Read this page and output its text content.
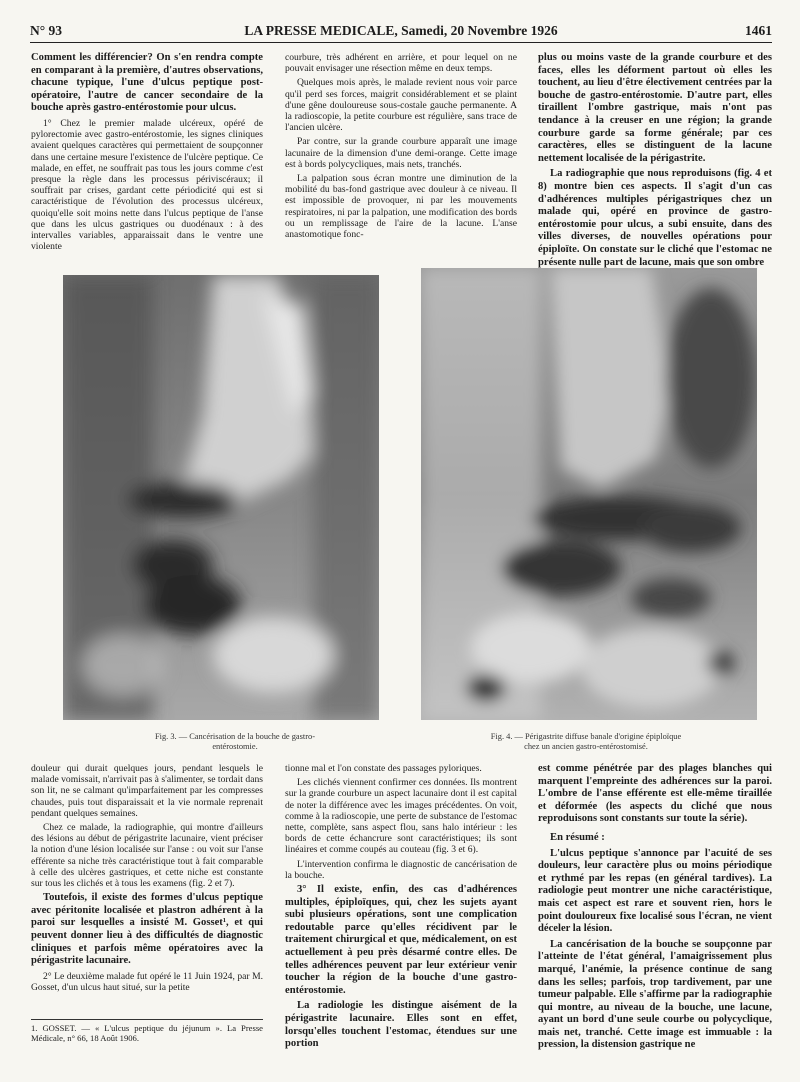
N° 93	LA PRESSE MEDICALE, Samedi, 20 Novembre 1926	1461

Comment les différencier? On s'en rendra compte en comparant à la première, d'autres observations, chacune typique, l'une d'ulcus peptique post-opératoire, l'autre de cancer secondaire de la bouche après gastro-entérostomie pour ulcus.

1° Chez le premier malade ulcéreux, opéré de pylorectomie avec gastro-entérostomie, les signes cliniques avaient quelques caractères qui permettaient de soupçonner dans une certaine mesure l'existence de l'ulcère peptique. Ce malade, en effet, ne souffrait pas tous les jours comme c'est presque la règle dans les processus périviscéraux; il souffrait par crises, gardant cette périodicité qui est si caractéristique de l'évolution des processus ulcéreux, quoiqu'elle soit moins nette dans l'ulcus peptique de l'anse que dans les ulcus gastriques ou duodénaux : à des intervalles variables, apparaissait dans le ventre une violente

courbure, très adhérent en arrière, et pour lequel on ne pouvait envisager une résection même en deux temps.

Quelques mois après, le malade revient nous voir parce qu'il perd ses forces, maigrit considérablement et se plaint d'une gêne douloureuse sous-costale gauche permanente. A la radioscopie, la petite courbure est régulière, sans trace de l'ancien ulcère.

Par contre, sur la grande courbure apparaît une image lacunaire de la dimension d'une demi-orange. Cette image est à bords polycycliques, mais nets, tranchés.

La palpation sous écran montre une diminution de la mobilité du bas-fond gastrique avec douleur à ce niveau. Il est impossible de provoquer, ni par les mouvements respiratoires, ni par la palpation, une modification des bords ou un remplissage de l'aire de la lacune. L'anse anastomotique fonc-

plus ou moins vaste de la grande courbure et des faces, elles les déforment partout où elles les touchent, au lieu d'être électivement centrées par la bouche de gastro-entérostomie. D'autre part, elles tiraillent l'ombre gastrique, mais n'ont pas tendance à la creuser en une région; la grande courbure garde sa forme générale; par ces caractères, elles se distinguent de la lacune nettement localisée de la périgastrite.

La radiographie que nous reproduisons (fig. 4 et 8) montre bien ces aspects. Il s'agit d'un cas d'adhérences multiples périgastriques chez un malade qui, opéré en province de gastro-entérostomie pour ulcus, a subi ensuite, dans des villes diverses, de nouvelles opérations pour épiploïte. On constate sur le cliché que l'estomac ne présente nulle part de lacune, mais que son ombre

Fig. 3. — Cancérisation de la bouche de gastro-entérostomie.
Fig. 4. — Périgastrite diffuse banale d'origine épiploïque chez un ancien gastro-entérostomisé.

douleur qui durait quelques jours, pendant lesquels le malade vomissait, n'arrivait pas à s'alimenter, se tordait dans son lit, ne se calmant qu'imparfaitement par les compresses chaudes, puis tout disparaissait et la vie normale reprenait pendant quelques semaines.

Chez ce malade, la radiographie, qui montre d'ailleurs des lésions au début de périgastrite lacunaire, vient préciser la notion d'une lésion localisée sur l'anse : ou voit sur l'anse efférente sa niche très caractéristique tout à fait comparable à celle des ulcères gastriques, et cette niche est constante sur tous les clichés et à tous les examens (fig. 2 et 7).

Toutefois, il existe des formes d'ulcus peptique avec péritonite localisée et plastron adhérent à la paroi sur lesquelles a insisté M. Gosset¹, et qui peuvent donner lieu à des difficultés de diagnostic cliniques et parfois même opératoires avec la périgastrite lacunaire.

2° Le deuxième malade fut opéré le 11 Juin 1924, par M. Gosset, d'un ulcus haut situé, sur la petite

tionne mal et l'on constate des passages pyloriques.

Les clichés viennent confirmer ces données. Ils montrent sur la grande courbure un aspect lacunaire dont il est capital de noter la différence avec les images précédentes. On voit, comme à la radioscopie, une perte de substance de l'estomac nette, complète, sans aspect flou, sans halo intérieur : les bords de cette échancrure sont caractéristiques; ils sont linéaires et comme coupés au couteau (fig. 3 et 6).

L'intervention confirma le diagnostic de cancérisation de la bouche.

3° Il existe, enfin, des cas d'adhérences multiples, épiploïques, qui, chez les sujets ayant subi plusieurs opérations, sont une complication redoutable parce qu'elles récidivent par le traitement chirurgical et que, médicalement, on est actuellement à peu près désarmé contre elles. De telles adhérences peuvent par leur extérieur venir toucher la région de la bouche d'une gastro-entérostomie.

La radiologie les distingue aisément de la périgastrite lacunaire. Elles sont en effet, lorsqu'elles touchent l'estomac, étendues sur une portion

est comme pénétrée par des plages blanches qui marquent l'empreinte des adhérences sur la paroi. L'ombre de l'anse efférente est elle-même tiraillée et déformée (les aspects du cliché que nous reproduisons sont constants sur toute la série).

En résumé :

L'ulcus peptique s'annonce par l'acuité de ses douleurs, leur caractère plus ou moins périodique et rythmé par les repas (en général tardives). La radiologie peut montrer une niche caractéristique, mais cet aspect est rare et souvent rien, hors le point douloureux fixe localisé sous l'écran, ne vient déceler la lésion.

La cancérisation de la bouche se soupçonne par l'atteinte de l'état général, l'amaigrissement plus marqué, l'anémie, la présence continue de sang dans les selles; parfois, trop tardivement, par une tumeur palpable. Elle s'affirme par la radiographie qui montre, au niveau de la bouche, une lacune, ayant un bord d'une seule courbe ou polycyclique, mais net, tranché. Cette image est immuable : la pression, la distension gastrique ne

1. GOSSET. — « L'ulcus peptique du jéjunum ». La Presse Médicale, n° 66, 18 Août 1906.
